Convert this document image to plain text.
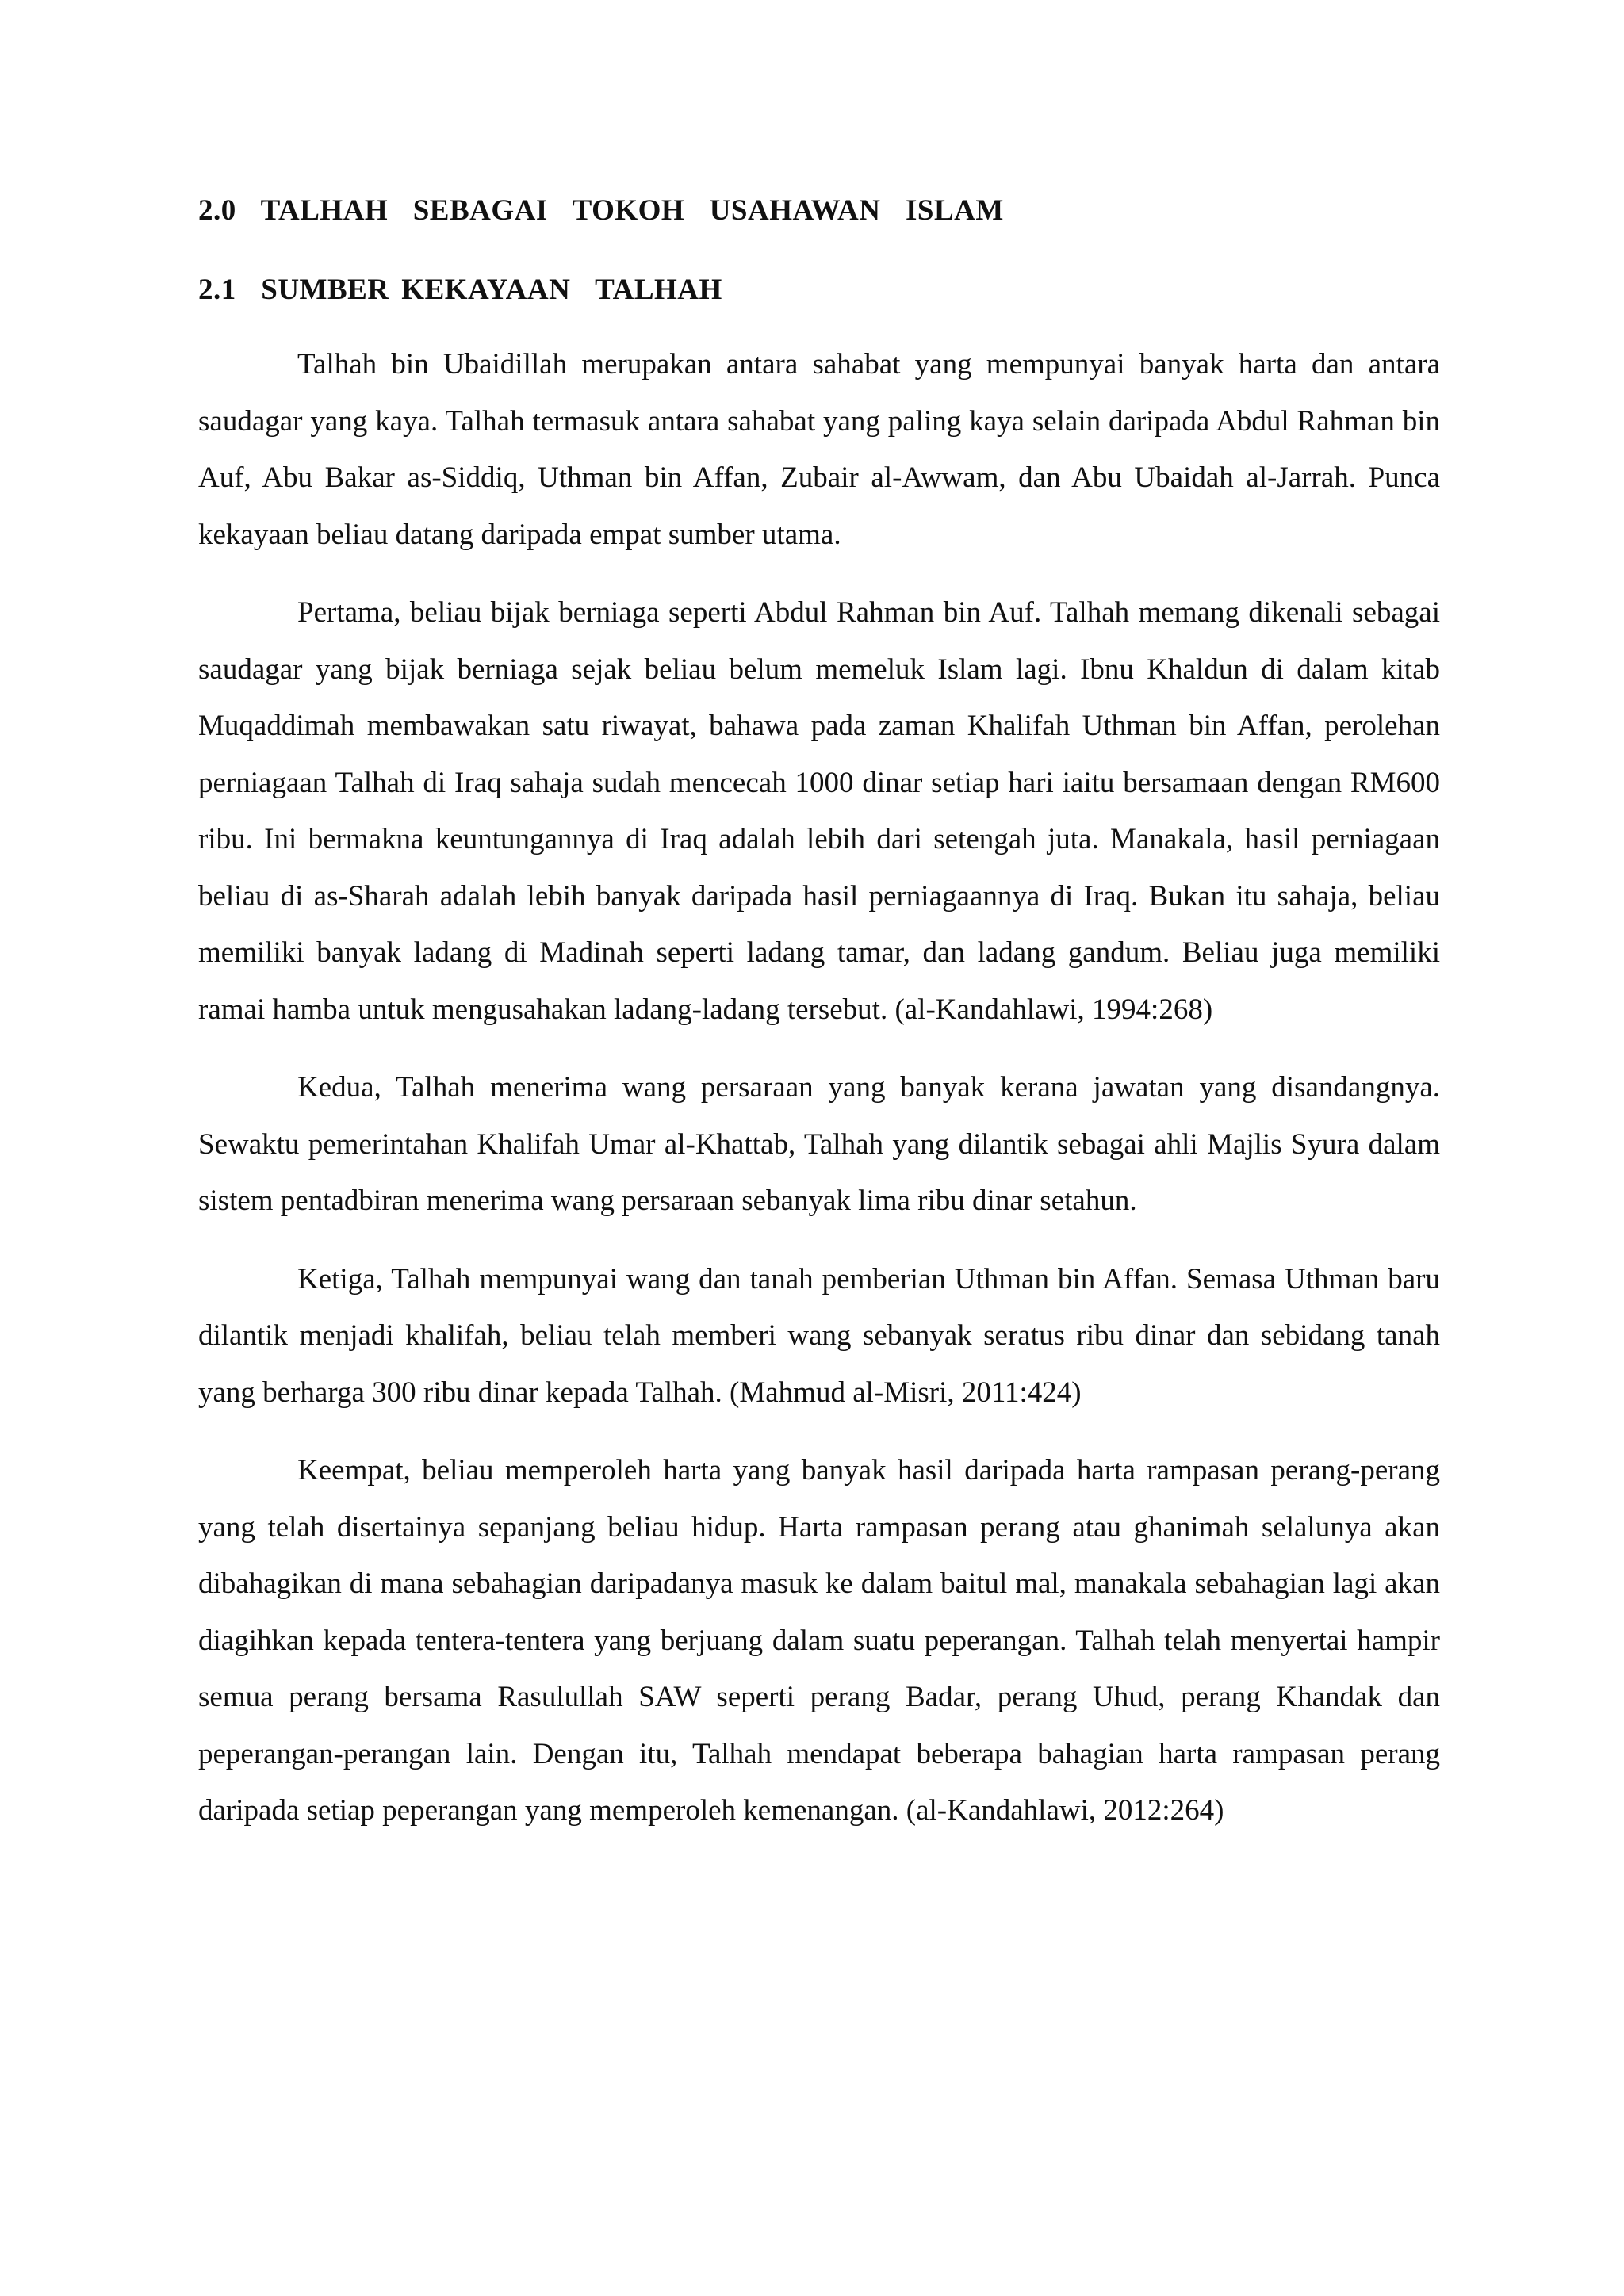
2.0  TALHAH  SEBAGAI  TOKOH  USAHAWAN  ISLAM
2.1  SUMBER KEKAYAAN  TALHAH

Talhah bin Ubaidillah merupakan antara sahabat yang mempunyai banyak harta dan antara saudagar yang kaya. Talhah termasuk antara sahabat yang paling kaya selain daripada Abdul Rahman bin Auf, Abu Bakar as-Siddiq, Uthman bin Affan, Zubair al-Awwam, dan Abu Ubaidah al-Jarrah. Punca kekayaan beliau datang daripada empat sumber utama.

Pertama, beliau bijak berniaga seperti Abdul Rahman bin Auf. Talhah memang dikenali sebagai saudagar yang bijak berniaga sejak beliau belum memeluk Islam lagi. Ibnu Khaldun di dalam kitab Muqaddimah membawakan satu riwayat, bahawa pada zaman Khalifah Uthman bin Affan, perolehan perniagaan Talhah di Iraq sahaja sudah mencecah 1000 dinar setiap hari iaitu bersamaan dengan RM600 ribu. Ini bermakna keuntungannya di Iraq adalah lebih dari setengah juta. Manakala, hasil perniagaan beliau di as-Sharah adalah lebih banyak daripada hasil perniagaannya di Iraq. Bukan itu sahaja, beliau memiliki banyak ladang di Madinah seperti ladang tamar, dan ladang gandum. Beliau juga memiliki ramai hamba untuk mengusahakan ladang-ladang tersebut. (al-Kandahlawi, 1994:268)

Kedua, Talhah menerima wang persaraan yang banyak kerana jawatan yang disandangnya. Sewaktu pemerintahan Khalifah Umar al-Khattab, Talhah yang dilantik sebagai ahli Majlis Syura dalam sistem pentadbiran menerima wang persaraan sebanyak lima ribu dinar setahun.

Ketiga, Talhah mempunyai wang dan tanah pemberian Uthman bin Affan. Semasa Uthman baru dilantik menjadi khalifah, beliau telah memberi wang sebanyak seratus ribu dinar dan sebidang tanah yang berharga 300 ribu dinar kepada Talhah. (Mahmud al-Misri, 2011:424)

Keempat, beliau memperoleh harta yang banyak hasil daripada harta rampasan perang-perang yang telah disertainya sepanjang beliau hidup. Harta rampasan perang atau ghanimah selalunya akan dibahagikan di mana sebahagian daripadanya masuk ke dalam baitul mal, manakala sebahagian lagi akan diagihkan kepada tentera-tentera yang berjuang dalam suatu peperangan. Talhah telah menyertai hampir semua perang bersama Rasulullah SAW seperti perang Badar, perang Uhud, perang Khandak dan peperangan-perangan lain. Dengan itu, Talhah mendapat beberapa bahagian harta rampasan perang daripada setiap peperangan yang memperoleh kemenangan. (al-Kandahlawi, 2012:264)
